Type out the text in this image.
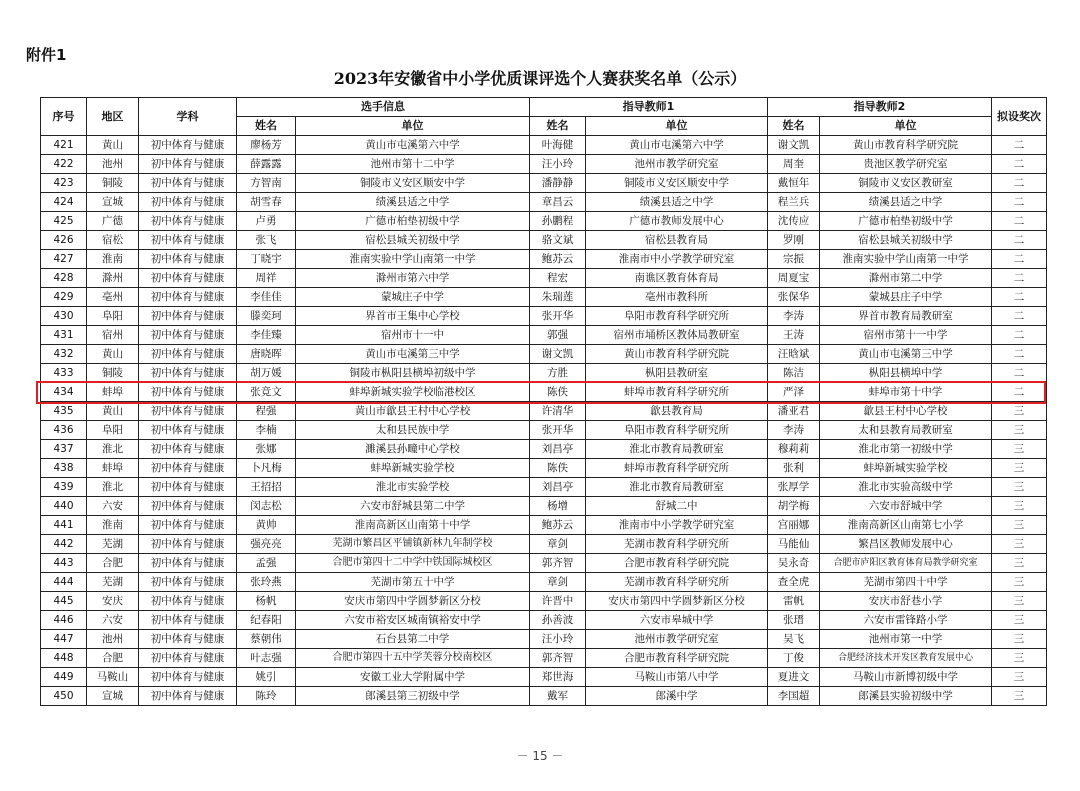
附件1
2023年安徽省中小学优质课评选个人赛获奖名单（公示）
序号	地区	学科	选手信息		指导教师1		指导教师2		拟设奖次
			姓名	单位	姓名	单位	姓名	单位	
421	黄山	初中体育与健康	廖杨芳	黄山市屯溪第六中学	叶海健	黄山市屯溪第六中学	谢文凯	黄山市教育科学研究院	二
422	池州	初中体育与健康	薛露露	池州市第十二中学	汪小玲	池州市教学研究室	周奎	贵池区教学研究室	二
423	铜陵	初中体育与健康	方智南	铜陵市义安区顺安中学	潘静静	铜陵市义安区顺安中学	戴恒年	铜陵市义安区教研室	二
424	宣城	初中体育与健康	胡雪春	绩溪县适之中学	章昌云	绩溪县适之中学	程兰兵	绩溪县适之中学	二
425	广德	初中体育与健康	卢勇	广德市柏垫初级中学	孙鹏程	广德市教师发展中心	沈传应	广德市柏垫初级中学	二
426	宿松	初中体育与健康	张飞	宿松县城关初级中学	骆文斌	宿松县教育局	罗刚	宿松县城关初级中学	二
427	淮南	初中体育与健康	丁晓宇	淮南实验中学山南第一中学	鲍苏云	淮南市中小学教学研究室	宗振	淮南实验中学山南第一中学	二
428	滁州	初中体育与健康	周祥	滁州市第六中学	程宏	南谯区教育体育局	周夏宝	滁州市第二中学	二
429	亳州	初中体育与健康	李佳佳	蒙城庄子中学	朱瑞莲	亳州市教科所	张保华	蒙城县庄子中学	二
430	阜阳	初中体育与健康	滕奕珂	界首市王集中心学校	张开华	阜阳市教育科学研究所	李涛	界首市教育局教研室	二
431	宿州	初中体育与健康	李佳臻	宿州市十一中	郭强	宿州市埇桥区教体局教研室	王涛	宿州市第十一中学	二
432	黄山	初中体育与健康	唐晓晖	黄山市屯溪第三中学	谢文凯	黄山市教育科学研究院	汪晗斌	黄山市屯溪第三中学	二
433	铜陵	初中体育与健康	胡万媛	铜陵市枞阳县横埠初级中学	方胜	枞阳县教研室	陈洁	枞阳县横埠中学	二
434	蚌埠	初中体育与健康	张竞文	蚌埠新城实验学校临港校区	陈佚	蚌埠市教育科学研究所	严泽	蚌埠市第十中学	二
435	黄山	初中体育与健康	程强	黄山市歙县王村中心学校	许清华	歙县教育局	潘亚君	歙县王村中心学校	三
436	阜阳	初中体育与健康	李楠	太和县民族中学	张开华	阜阳市教育科学研究所	李涛	太和县教育局教研室	三
437	淮北	初中体育与健康	张娜	濉溪县孙疃中心学校	刘昌亭	淮北市教育局教研室	穆莉莉	淮北市第一初级中学	三
438	蚌埠	初中体育与健康	卜凡梅	蚌埠新城实验学校	陈佚	蚌埠市教育科学研究所	张利	蚌埠新城实验学校	三
439	淮北	初中体育与健康	王招招	淮北市实验学校	刘昌亭	淮北市教育局教研室	张厚学	淮北市实验高级中学	三
440	六安	初中体育与健康	闵志松	六安市舒城县第二中学	杨增	舒城二中	胡学梅	六安市舒城中学	三
441	淮南	初中体育与健康	黄帅	淮南高新区山南第十中学	鲍苏云	淮南市中小学教学研究室	宫丽娜	淮南高新区山南第七小学	三
442	芜湖	初中体育与健康	强亮亮	芜湖市繁昌区平铺镇新林九年制学校	章剑	芜湖市教育科学研究所	马能仙	繁昌区教师发展中心	三
443	合肥	初中体育与健康	孟强	合肥市第四十二中学中铁国际城校区	郭齐智	合肥市教育科学研究院	吴永奇	合肥市庐阳区教育体育局教学研究室	三
444	芜湖	初中体育与健康	张玲燕	芜湖市第五十中学	章剑	芜湖市教育科学研究所	查全虎	芜湖市第四十中学	三
445	安庆	初中体育与健康	杨帆	安庆市第四中学圆梦新区分校	许晋中	安庆市第四中学圆梦新区分校	雷帆	安庆市舒巷小学	三
446	六安	初中体育与健康	纪春阳	六安市裕安区城南镇裕安中学	孙善波	六安市皋城中学	张瑨	六安市雷锋路小学	三
447	池州	初中体育与健康	蔡朝伟	石台县第二中学	汪小玲	池州市教学研究室	吴飞	池州市第一中学	三
448	合肥	初中体育与健康	叶志强	合肥市第四十五中学芙蓉分校南校区	郭齐智	合肥市教育科学研究院	丁俊	合肥经济技术开发区教育发展中心	三
449	马鞍山	初中体育与健康	姚引	安徽工业大学附属中学	郑世海	马鞍山市第八中学	夏进文	马鞍山市新博初级中学	三
450	宣城	初中体育与健康	陈玲	郎溪县第三初级中学	戴军	郎溪中学	李国超	郎溪县实验初级中学	三
－ 15 －
